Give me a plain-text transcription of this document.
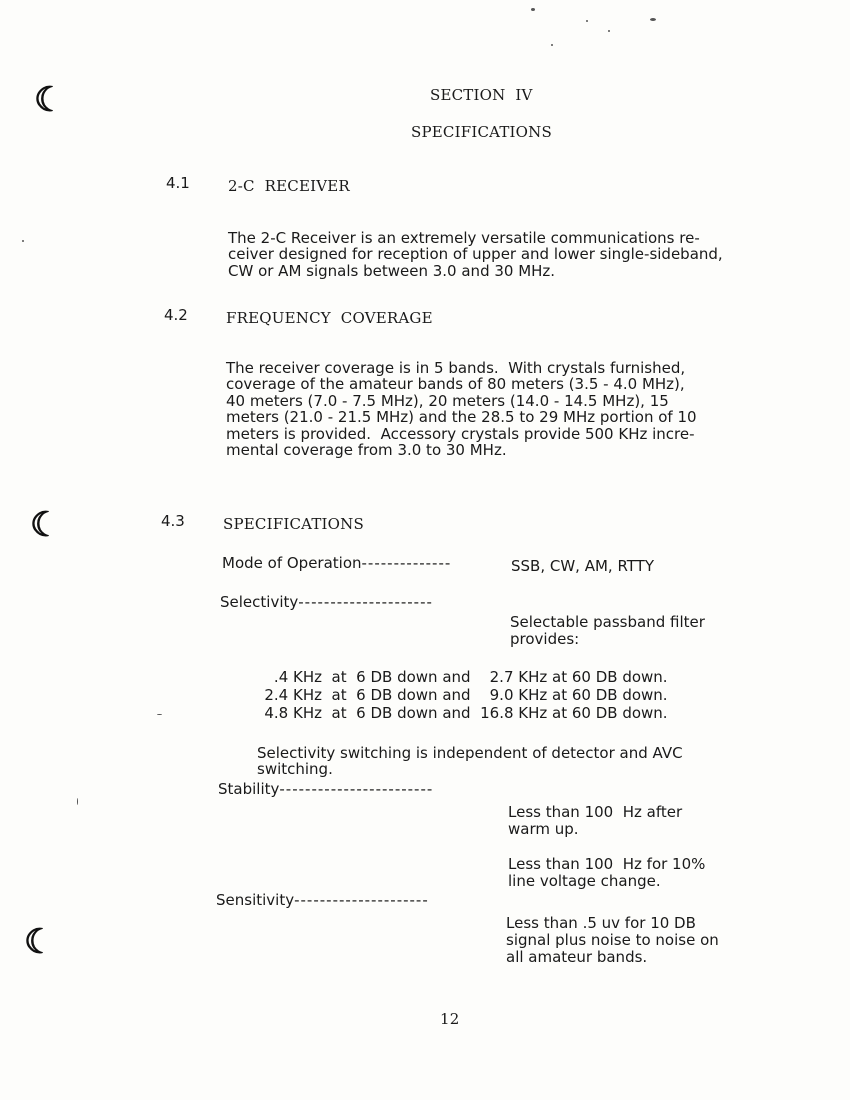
☾
☾
☾
SECTION  IV
SPECIFICATIONS
4.1	2-C  RECEIVER

The 2-C Receiver is an extremely versatile communications re-
ceiver designed for reception of upper and lower single-sideband,
CW or AM signals between 3.0 and 30 MHz.
4.2	FREQUENCY  COVERAGE

The receiver coverage is in 5 bands.  With crystals furnished,
coverage of the amateur bands of 80 meters (3.5 - 4.0 MHz),
40 meters (7.0 - 7.5 MHz), 20 meters (14.0 - 14.5 MHz), 15
meters (21.0 - 21.5 MHz) and the 28.5 to 29 MHz portion of 10
meters is provided.  Accessory crystals provide 500 KHz incre-
mental coverage from 3.0 to 30 MHz.
4.3	SPECIFICATIONS
Mode of Operation--------------	SSB, CW, AM, RTTY
Selectivity---------------------

Selectable passband filter
provides:

.4 KHz at 6 DB down and 2.7 KHz at 60 DB down.
2.4 KHz at 6 DB down and 9.0 KHz at 60 DB down.
4.8 KHz at 6 DB down and 16.8 KHz at 60 DB down.

Selectivity switching is independent of detector and AVC
switching.
Stability------------------------

Less than 100  Hz after
warm up.

Less than 100  Hz for 10%
line voltage change.
Sensitivity---------------------

Less than .5 uv for 10 DB
signal plus noise to noise on
all amateur bands.
12
